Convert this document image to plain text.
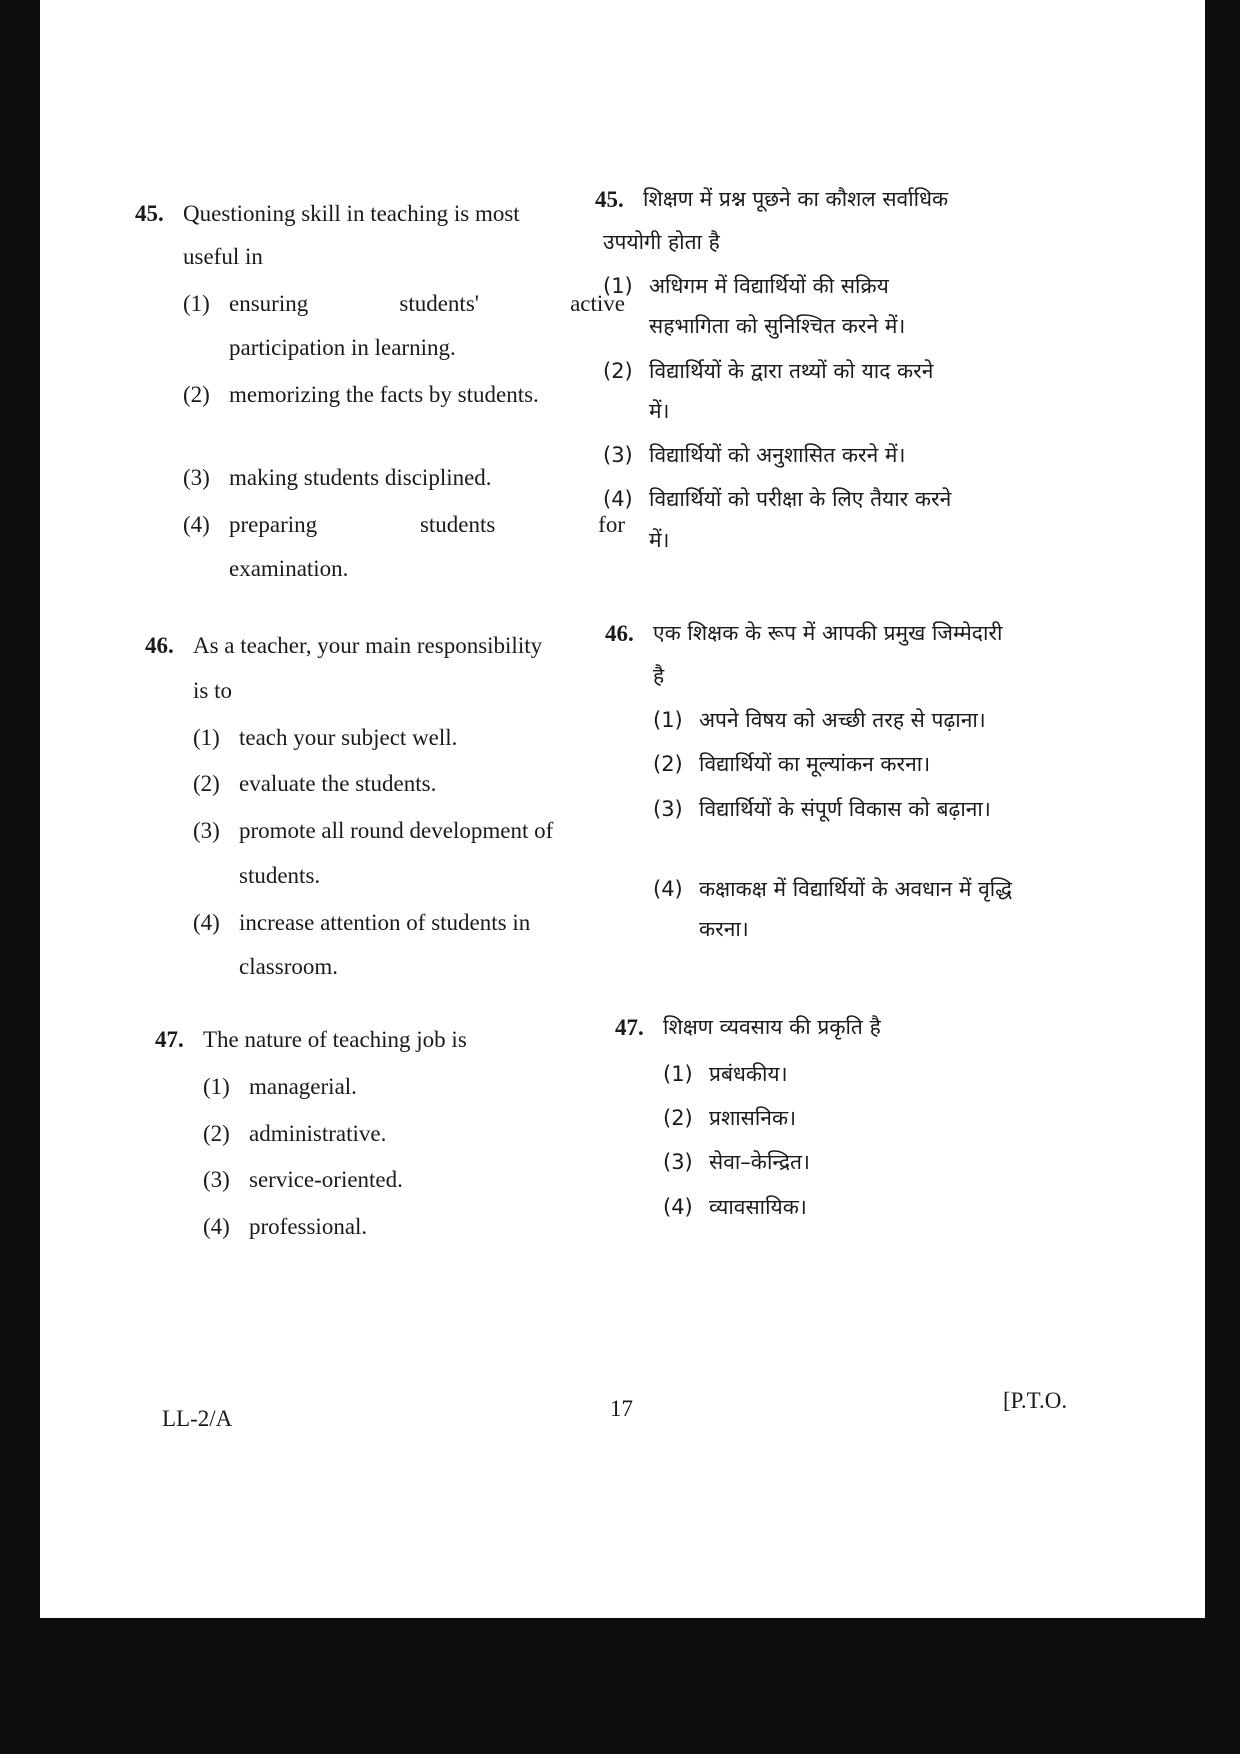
45. Questioning skill in teaching is most
useful in
(1) ensuring students' active
participation in learning.
(2) memorizing the facts by students.
(3) making students disciplined.
(4) preparing students for
examination.
45. शिक्षण में प्रश्न पूछने का कौशल सर्वाधिक
उपयोगी होता है
(1) अधिगम में विद्यार्थियों की सक्रिय
सहभागिता को सुनिश्चित करने में।
(2) विद्यार्थियों के द्वारा तथ्यों को याद करने
में।
(3) विद्यार्थियों को अनुशासित करने में।
(4) विद्यार्थियों को परीक्षा के लिए तैयार करने
में।
46. As a teacher, your main responsibility
is to
(1) teach your subject well.
(2) evaluate the students.
(3) promote all round development of
students.
(4) increase attention of students in
classroom.
46. एक शिक्षक के रूप में आपकी प्रमुख जिम्मेदारी
है
(1) अपने विषय को अच्छी तरह से पढ़ाना।
(2) विद्यार्थियों का मूल्यांकन करना।
(3) विद्यार्थियों के संपूर्ण विकास को बढ़ाना।
(4) कक्षाकक्ष में विद्यार्थियों के अवधान में वृद्धि
करना।
47. The nature of teaching job is
(1) managerial.
(2) administrative.
(3) service-oriented.
(4) professional.
47. शिक्षण व्यवसाय की प्रकृति है
(1) प्रबंधकीय।
(2) प्रशासनिक।
(3) सेवा–केन्द्रित।
(4) व्यावसायिक।
LL-2/A	17	[P.T.O.
